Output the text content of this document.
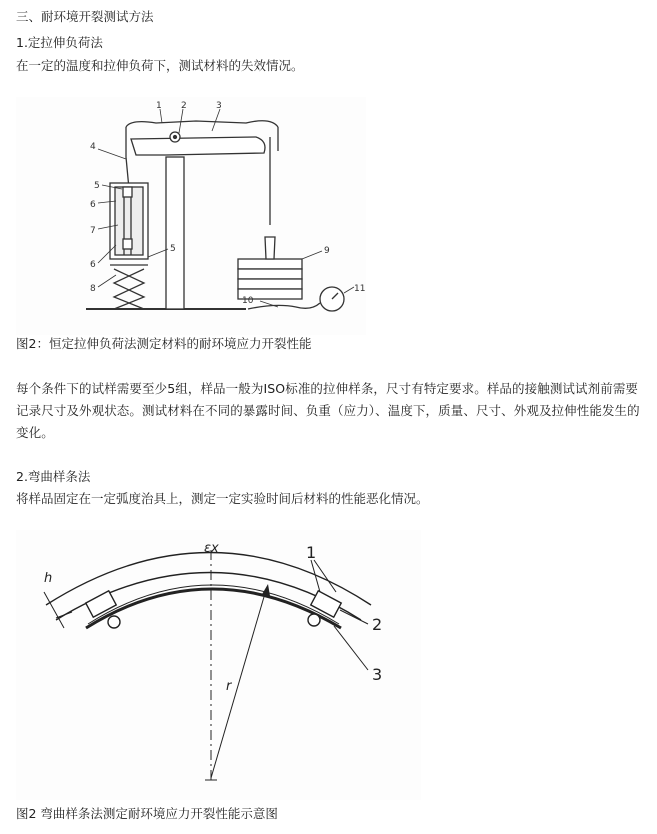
三、耐环境开裂测试方法
1.定拉伸负荷法
在一定的温度和拉伸负荷下，测试材料的失效情况。
1 2	3
4
5
6
7
6
8
5	9
10
11
图2：恒定拉伸负荷法测定材料的耐环境应力开裂性能
每个条件下的试样需要至少5组，样品一般为ISO标准的拉伸样条，尺寸有特定要求。样品的接触测试试剂前需要记录尺寸及外观状态。测试材料在不同的暴露时间、负重（应力）、温度下，质量、尺寸、外观及拉伸性能发生的变化。
2.弯曲样条法
将样品固定在一定弧度治具上，测定一定实验时间后材料的性能恶化情况。
εx
h
r
1
2
3
图2 弯曲样条法测定耐环境应力开裂性能示意图
